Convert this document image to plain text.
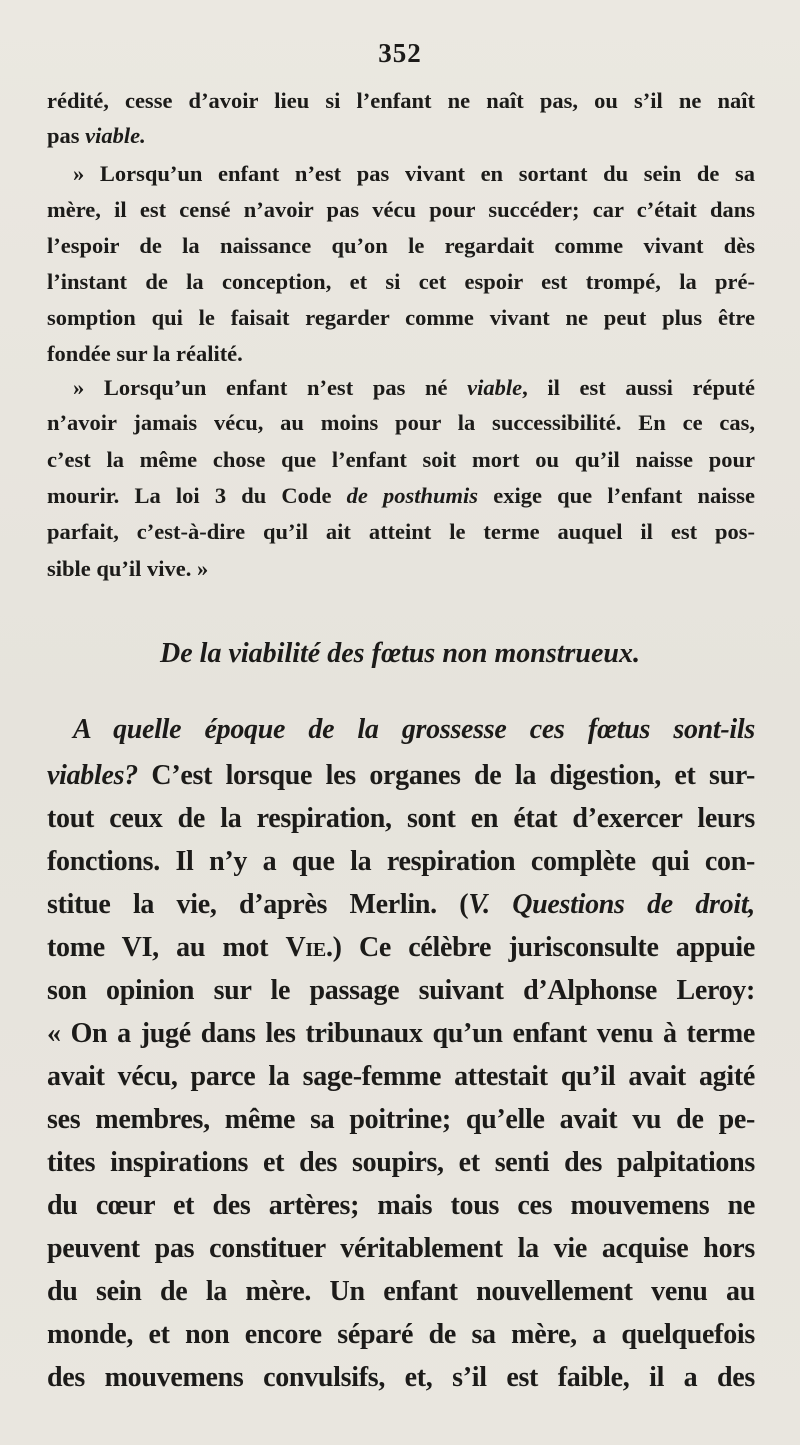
352
rédité, cesse d’avoir lieu si l’enfant ne naît pas, ou s’il ne naît
pas viable.
» Lorsqu’un enfant n’est pas vivant en sortant du sein de sa
mère, il est censé n’avoir pas vécu pour succéder; car c’était dans
l’espoir de la naissance qu’on le regardait comme vivant dès
l’instant de la conception, et si cet espoir est trompé, la pré-
somption qui le faisait regarder comme vivant ne peut plus être
fondée sur la réalité.
» Lorsqu’un enfant n’est pas né viable, il est aussi réputé
n’avoir jamais vécu, au moins pour la successibilité. En ce cas,
c’est la même chose que l’enfant soit mort ou qu’il naisse pour
mourir. La loi 3 du Code de posthumis exige que l’enfant naisse
parfait, c’est-à-dire qu’il ait atteint le terme auquel il est pos-
sible qu’il vive. »
De la viabilité des fœtus non monstrueux.
A quelle époque de la grossesse ces fœtus sont-ils
viables? C’est lorsque les organes de la digestion, et sur-
tout ceux de la respiration, sont en état d’exercer leurs
fonctions. Il n’y a que la respiration complète qui con-
stitue la vie, d’après Merlin. (V. Questions de droit,
tome VI, au mot Vie.) Ce célèbre jurisconsulte appuie
son opinion sur le passage suivant d’Alphonse Leroy:
« On a jugé dans les tribunaux qu’un enfant venu à terme
avait vécu, parce la sage-femme attestait qu’il avait agité
ses membres, même sa poitrine; qu’elle avait vu de pe-
tites inspirations et des soupirs, et senti des palpitations
du cœur et des artères; mais tous ces mouvemens ne
peuvent pas constituer véritablement la vie acquise hors
du sein de la mère. Un enfant nouvellement venu au
monde, et non encore séparé de sa mère, a quelquefois
des mouvemens convulsifs, et, s’il est faible, il a des
